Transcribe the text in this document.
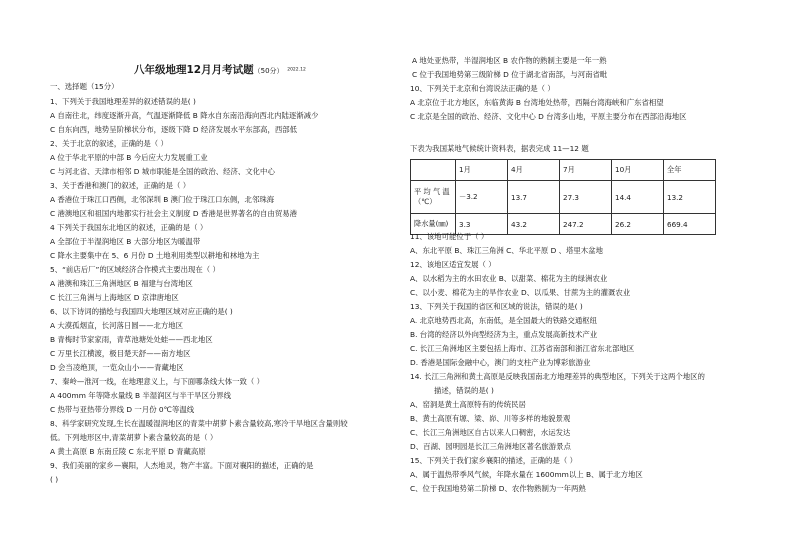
八年级地理12月月考试题（50分） 2022.12
一、选择题（15分）
1、下列关于我国地理差异的叙述错误的是( )
A 自南往北，纬度逐渐升高，气温逐渐降低 B 降水自东南沿海向西北内陆逐渐减少
C 自东向西，地势呈阶梯状分布，逐级下降 D 经济发展水平东部高，西部低
2、关于北京的叙述，正确的是（ ）
A 位于华北平原的中部 B 今后应大力发展重工业
C 与河北省、天津市相邻 D 城市职能是全国的政治、经济、文化中心
3、关于香港和澳门的叙述，正确的是（ ）
A 香港位于珠江口西侧，北邻深圳 B 澳门位于珠江口东侧，北邻珠海
C 港澳地区和祖国内地都实行社会主义制度 D 香港是世界著名的自由贸易港
4 下列关于我国东北地区的叙述，正确的是（ ）
A 全部位于半湿润地区 B 大部分地区为暖温带
C 降水主要集中在 5、6 月份 D 土地利用类型以耕地和林地为主
5、“前店后厂”的区域经济合作模式主要出现在（ ）
A 港澳和珠江三角洲地区 B 福建与台湾地区
C 长江三角洲与上海地区 D 京津唐地区
6、以下诗词的描绘与我国四大地理区域对应正确的是( )
A 大漠孤烟直，长河落日圆——北方地区
B 青梅时节家家雨，青草池塘处处蛙——西北地区
C 万里长江横渡，极目楚天舒——南方地区
D 会当凌绝顶，一览众山小——青藏地区
7、秦岭—淮河一线，在地理意义上，与下面哪条线大体一致（ ）
A 400mm 年等降水量线 B 半湿润区与半干旱区分界线
C 热带与亚热带分界线 D 一月份 0℃等温线
8、科学家研究发现,生长在温暖湿润地区的青菜中胡萝卜素含量较高,寒冷干旱地区含量则较
低。下列地形区中,青菜胡萝卜素含量较高的是（ ）
A 黄土高原 B 东南丘陵 C 东北平原 D 青藏高原
9、我们美丽的家乡—襄阳，人杰地灵，物产丰富。下面对襄阳的描述，正确的是
( )
A 地处亚热带，半湿润地区 B 农作物的熟制主要是一年一熟
C 位于我国地势第三级阶梯 D 位于湖北省南部，与河南省毗
10、下列关于北京和台湾说法正确的是（ ）
A 北京位于北方地区，东临黄海 B 台湾地处热带，西隔台湾海峡和广东省相望
C 北京是全国的政治、经济、文化中心 D 台湾多山地，平原主要分布在西部沿海地区
下表为我国某地气候统计资料表，据表完成 11—12 题
	1月	4月	7月	10月	全年
平 均 气 温 （℃）	－3.2	13.7	27.3	14.4	13.2
降水量(㎜)	3.3	43.2	247.2	26.2	669.4
11、该地可能位于（ ）
A、东北平原 B、珠江三角洲 C、华北平原 D 、塔里木盆地
12、该地区适宜发展（ ）
A、以水稻为主的水田农业 B、以甜菜、棉花为主的绿洲农业
C、以小麦、棉花为主的旱作农业 D、以瓜果、甘蔗为主的灌溉农业
13、下列关于我国的省区和区域的说法，错误的是( )
A. 北京地势西北高，东南低，是全国最大的铁路交通枢纽
B. 台湾的经济以外向型经济为主，重点发展高新技术产业
C. 长江三角洲地区主要包括上海市、江苏省南部和浙江省东北部地区
D. 香港是国际金融中心，澳门的支柱产业为博彩旅游业
14. 长江三角洲和黄土高原是反映我国南北方地理差异的典型地区，下列关于这两个地区的
描述，错误的是( )
A、窑洞是黄土高原特有的传统民居
B、黄土高原有塬、梁、峁、川等多样的地貌景观
C、长江三角洲地区自古以来人口稠密，水运发达
D、百湖、园明园是长江三角洲地区著名旅游景点
15、下列关于我们家乡襄阳的描述，正确的是（ ）
A、属于温热带季风气候，年降水量在 1600mm以上 B、属于北方地区
C、位于我国地势第二阶梯 D、农作物熟制为一年两熟
